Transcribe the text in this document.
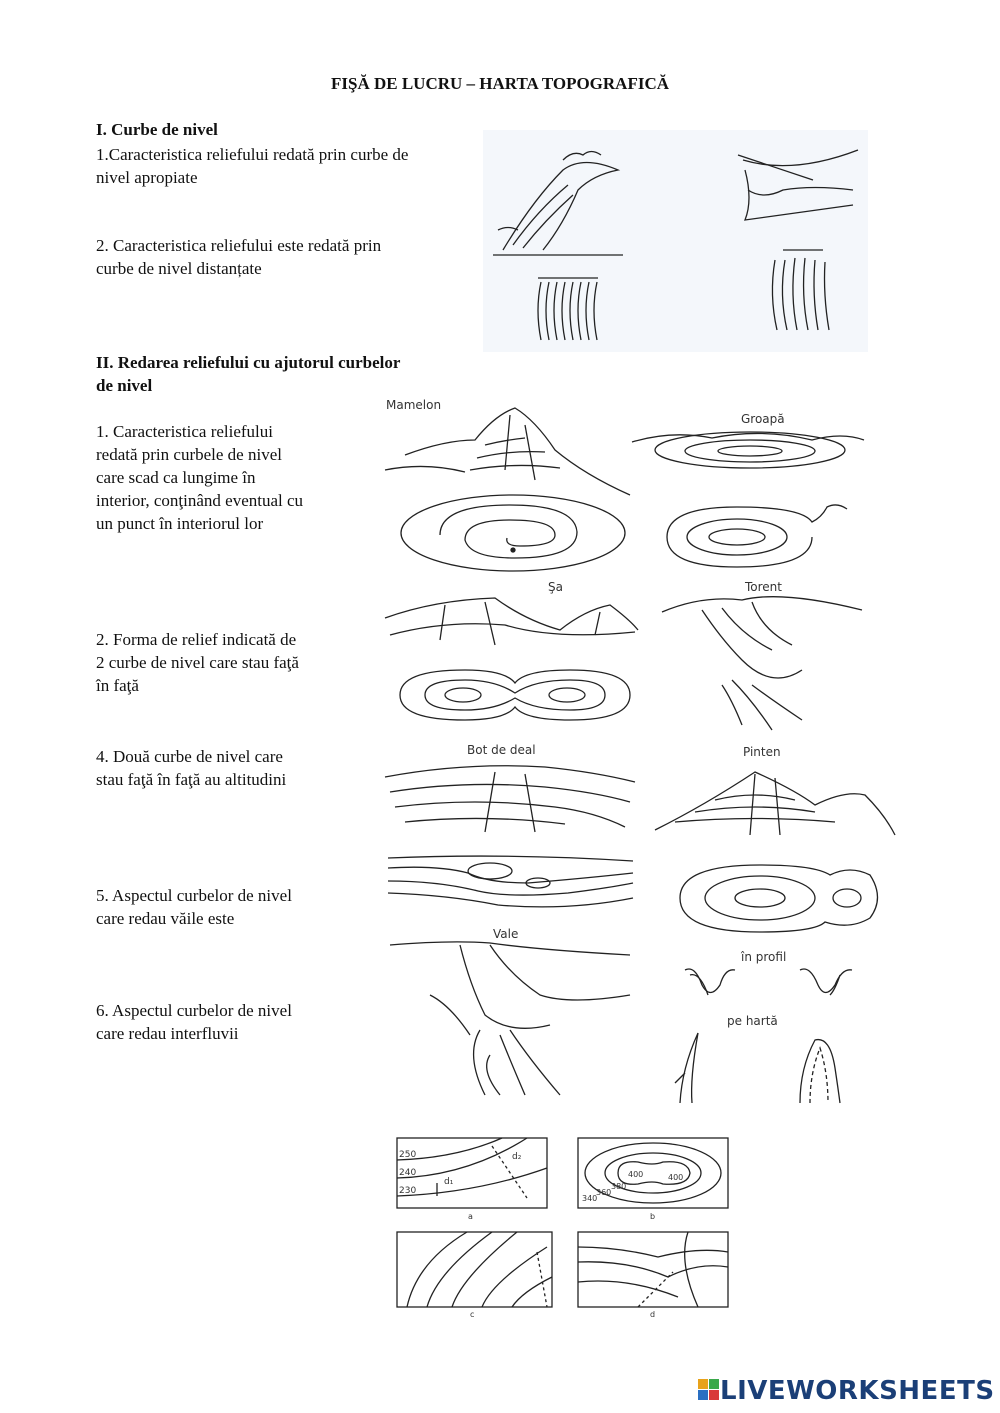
FIŞĂ DE LUCRU – HARTA TOPOGRAFICĂ
I. Curbe de nivel
1.Caracteristica reliefului redată prin curbe de
nivel apropiate
2. Caracteristica reliefului este redată prin
curbe de nivel distanțate
II. Redarea reliefului cu ajutorul curbelor
de nivel
1. Caracteristica reliefului
redată prin curbele de nivel
care scad ca lungime în
interior, conţinând eventual cu
un punct în interiorul lor
2. Forma de relief indicată de
2 curbe de nivel care stau faţă
în faţă
4. Două curbe de nivel care
stau faţă în faţă au altitudini
5. Aspectul curbelor de nivel
care redau văile este
6. Aspectul curbelor de nivel
care redau interfluvii
Mamelon
Groapă
Şa	Torent
Bot de deal	Pinten
Vale
în profil
pe hartă
250
240
230
d₁
d₂
a
400	400
380
360
340
b
c	d
LIVEWORKSHEETS
